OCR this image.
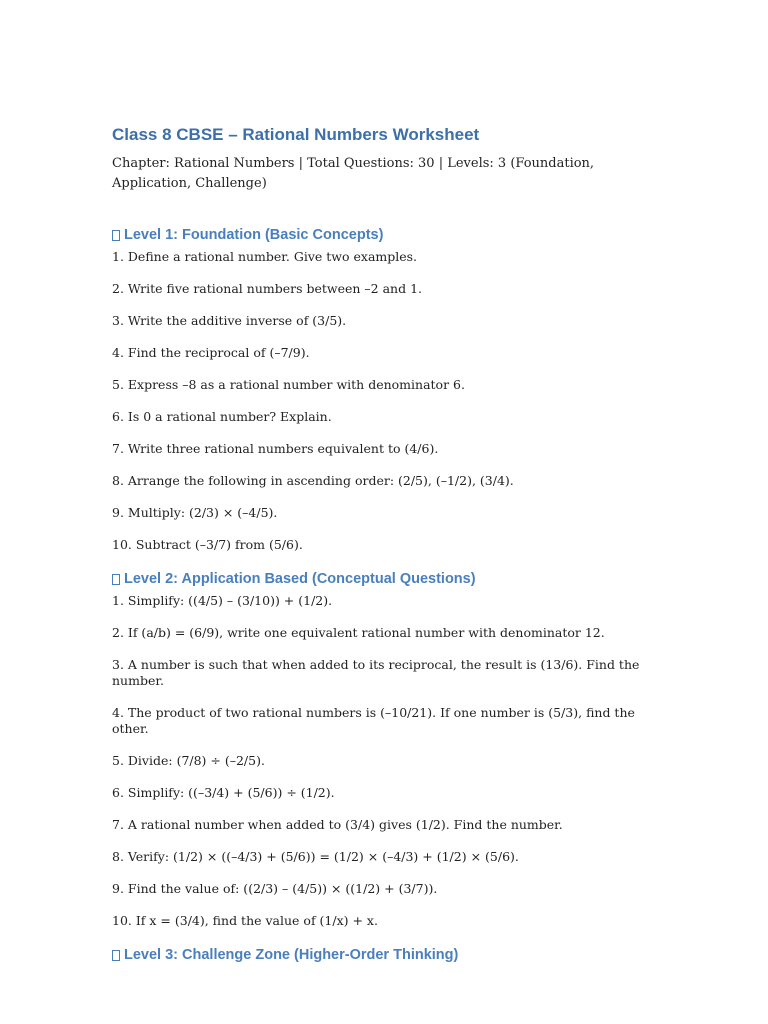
Class 8 CBSE – Rational Numbers Worksheet

Chapter: Rational Numbers | Total Questions: 30 | Levels: 3 (Foundation, Application, Challenge)

Level 1: Foundation (Basic Concepts)

1. Define a rational number. Give two examples.

2. Write five rational numbers between –2 and 1.

3. Write the additive inverse of (3/5).

4. Find the reciprocal of (–7/9).

5. Express –8 as a rational number with denominator 6.

6. Is 0 a rational number? Explain.

7. Write three rational numbers equivalent to (4/6).

8. Arrange the following in ascending order: (2/5), (–1/2), (3/4).

9. Multiply: (2/3) × (–4/5).

10. Subtract (–3/7) from (5/6).

Level 2: Application Based (Conceptual Questions)

1. Simplify: ((4/5) – (3/10)) + (1/2).

2. If (a/b) = (6/9), write one equivalent rational number with denominator 12.

3. A number is such that when added to its reciprocal, the result is (13/6). Find the number.

4. The product of two rational numbers is (–10/21). If one number is (5/3), find the other.

5. Divide: (7/8) ÷ (–2/5).

6. Simplify: ((–3/4) + (5/6)) ÷ (1/2).

7. A rational number when added to (3/4) gives (1/2). Find the number.

8. Verify: (1/2) × ((–4/3) + (5/6)) = (1/2) × (–4/3) + (1/2) × (5/6).

9. Find the value of: ((2/3) – (4/5)) × ((1/2) + (3/7)).

10. If x = (3/4), find the value of (1/x) + x.

Level 3: Challenge Zone (Higher-Order Thinking)
